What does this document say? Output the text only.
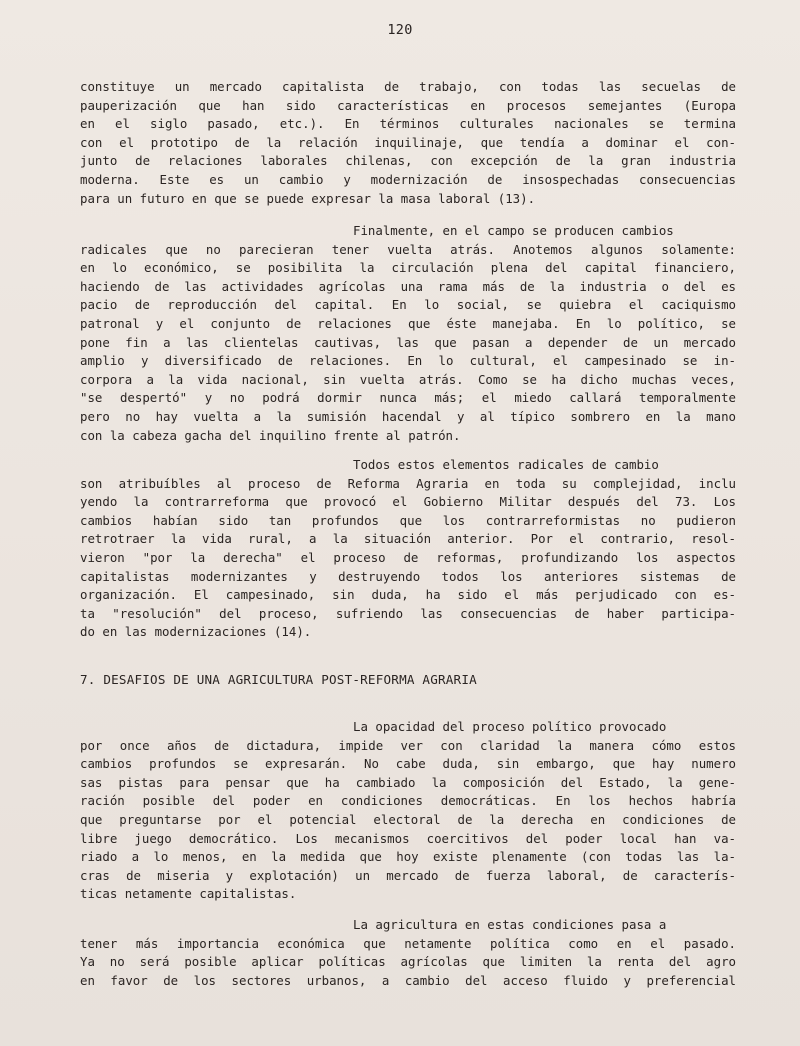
120
constituye un mercado capitalista de trabajo, con todas las secuelas de
pauperización que han sido características en procesos semejantes (Europa
en el siglo pasado, etc.). En términos culturales nacionales se termina
con el prototipo de la relación inquilinaje, que tendía a dominar el con-
junto de relaciones laborales chilenas, con excepción de la gran industria
moderna. Este es un cambio y modernización de insospechadas consecuencias
para un futuro en que se puede expresar la masa laboral (13).
Finalmente, en el campo se producen cambios
radicales que no parecieran tener vuelta atrás. Anotemos algunos solamente:
en lo económico, se posibilita la circulación plena del capital financiero,
haciendo de las actividades agrícolas una rama más de la industria o del es
pacio de reproducción del capital. En lo social, se quiebra el caciquismo
patronal y el conjunto de relaciones que éste manejaba. En lo político, se
pone fin a las clientelas cautivas, las que pasan a depender de un mercado
amplio y diversificado de relaciones. En lo cultural, el campesinado se in-
corpora a la vida nacional, sin vuelta atrás. Como se ha dicho muchas veces,
"se despertó" y no podrá dormir nunca más; el miedo callará temporalmente
pero no hay vuelta a la sumisión hacendal y al típico sombrero en la mano
con la cabeza gacha del inquilino frente al patrón.
Todos estos elementos radicales de cambio
son atribuíbles al proceso de Reforma Agraria en toda su complejidad, inclu
yendo la contrarreforma que provocó el Gobierno Militar después del 73. Los
cambios habían sido tan profundos que los contrarreformistas no pudieron
retrotraer la vida rural, a la situación anterior. Por el contrario, resol-
vieron "por la derecha" el proceso de reformas, profundizando los aspectos
capitalistas modernizantes y destruyendo todos los anteriores sistemas de
organización. El campesinado, sin duda, ha sido el más perjudicado con es-
ta "resolución" del proceso, sufriendo las consecuencias de haber participa-
do en las modernizaciones (14).
7. DESAFIOS DE UNA AGRICULTURA POST-REFORMA AGRARIA
La opacidad del proceso político provocado
por once años de dictadura, impide ver con claridad la manera cómo estos
cambios profundos se expresarán. No cabe duda, sin embargo, que hay numero
sas pistas para pensar que ha cambiado la composición del Estado, la gene-
ración posible del poder en condiciones democráticas. En los hechos habría
que preguntarse por el potencial electoral de la derecha en condiciones de
libre juego democrático. Los mecanismos coercitivos del poder local han va-
riado a lo menos, en la medida que hoy existe plenamente (con todas las la-
cras de miseria y explotación) un mercado de fuerza laboral, de caracterís-
ticas netamente capitalistas.
La agricultura en estas condiciones pasa a
tener más importancia económica que netamente política como en el pasado.
Ya no será posible aplicar políticas agrícolas que limiten la renta del agro
en favor de los sectores urbanos, a cambio del acceso fluido y preferencial
